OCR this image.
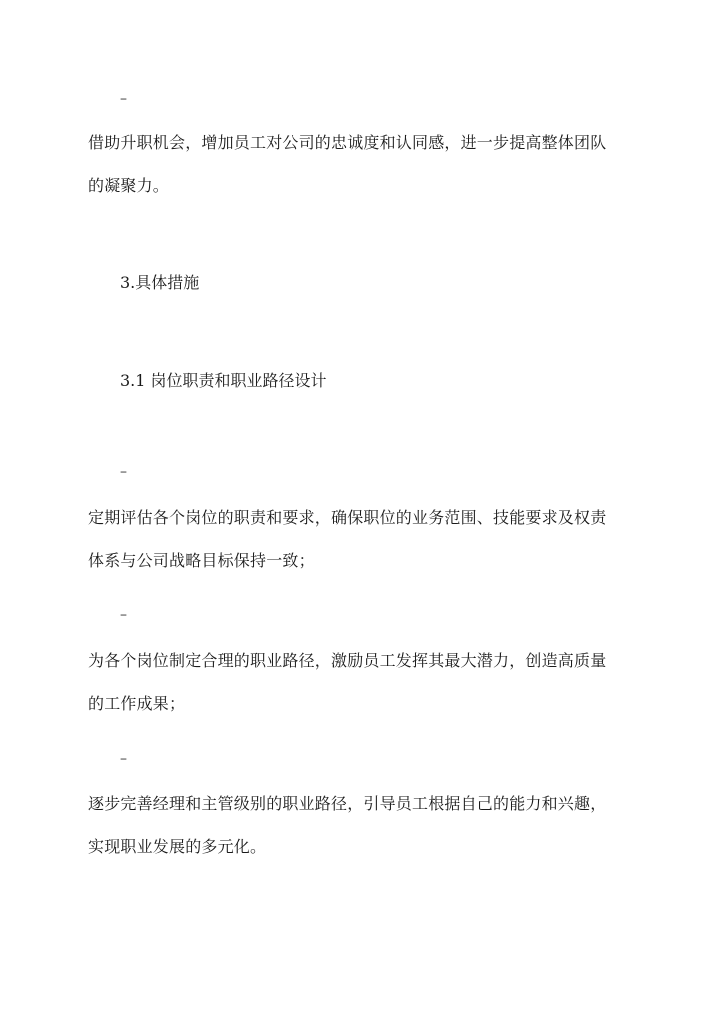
–
借助升职机会，增加员工对公司的忠诚度和认同感，进一步提高整体团队
的凝聚力。
3.具体措施
3.1 岗位职责和职业路径设计
–
定期评估各个岗位的职责和要求，确保职位的业务范围、技能要求及权责
体系与公司战略目标保持一致；
–
为各个岗位制定合理的职业路径，激励员工发挥其最大潜力，创造高质量
的工作成果；
–
逐步完善经理和主管级别的职业路径，引导员工根据自己的能力和兴趣，
实现职业发展的多元化。
